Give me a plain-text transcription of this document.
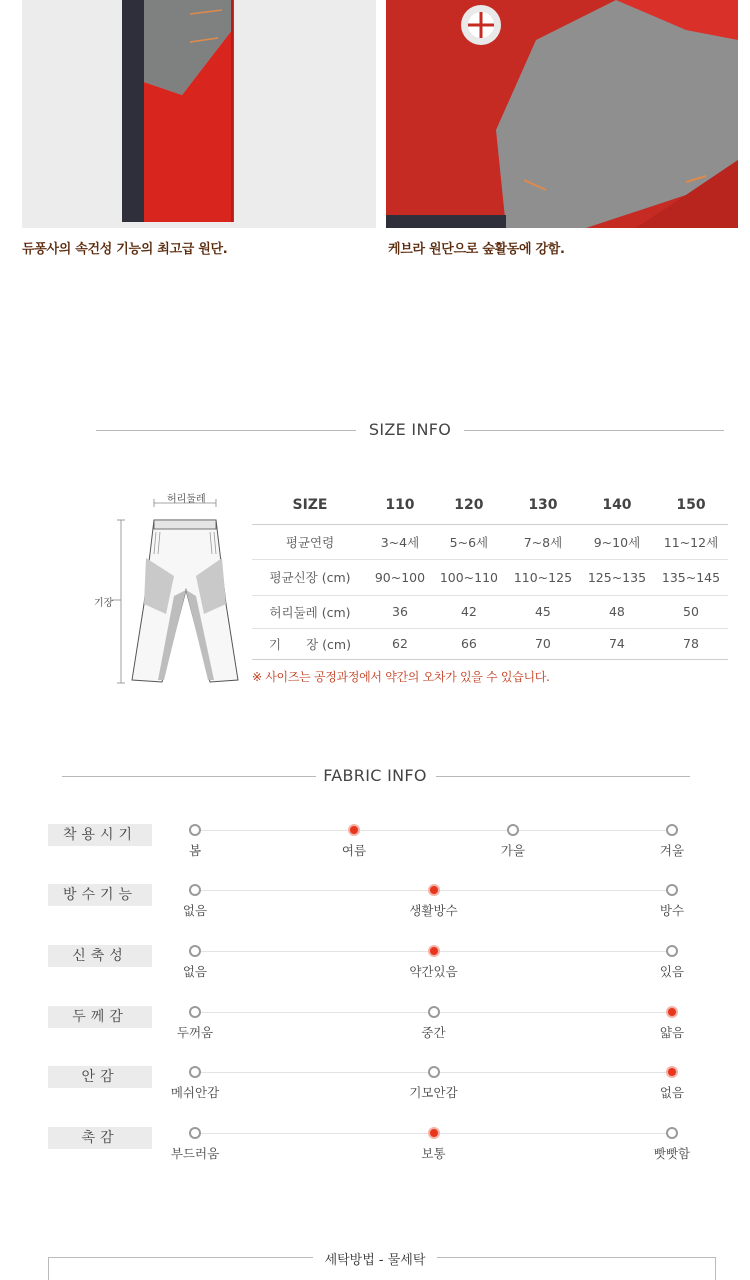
듀퐁사의 속건성 기능의 최고급 원단.	케브라 원단으로 숲활동에 강함.
SIZE INFO
허리둘레
기장
SIZE	110	120	130	140	150
평균연령	3~4세	5~6세	7~8세	9~10세	11~12세
평균신장 (cm)	90~100	100~110	110~125	125~135	135~145
허리둘레 (cm)	36	42	45	48	50
기　　장 (cm)	62	66	70	74	78
※ 사이즈는 공정과정에서 약간의 오차가 있을 수 있습니다.
FABRIC INFO
착용시기
봄	여름	가을	겨울
방수기능
없음	생활방수	방수
신축성
없음	약간있음	있음
두께감
두꺼움	중간	얇음
안감
메쉬안감	기모안감	없음
촉감
부드러움	보통	빳빳함
세탁방법 - 물세탁
